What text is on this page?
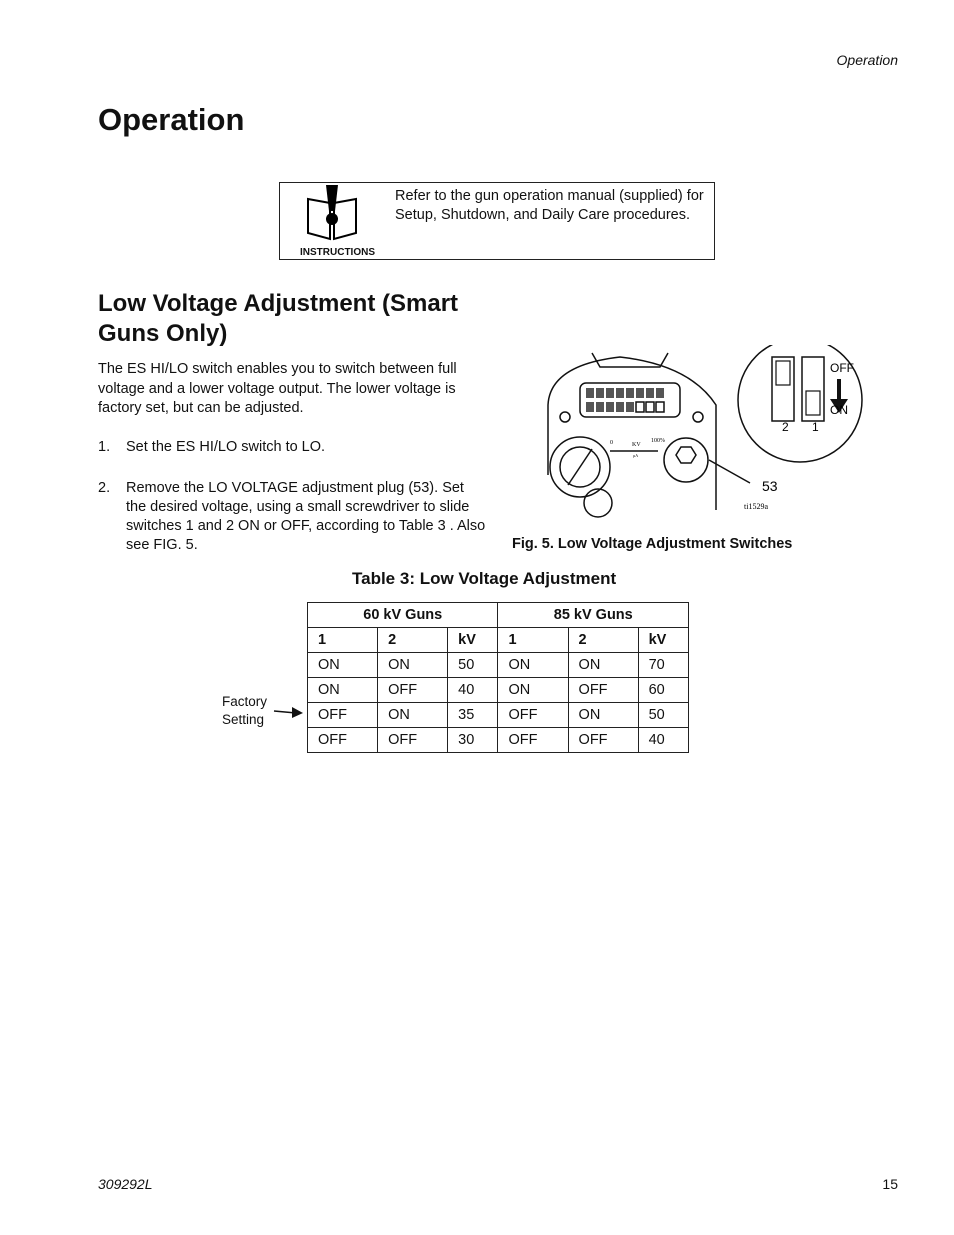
Operation
Operation
INSTRUCTIONS
Refer to the gun operation manual (supplied) for Setup, Shutdown, and Daily Care procedures.
Low Voltage Adjustment (Smart Guns Only)

The ES HI/LO switch enables you to switch between full voltage and a lower voltage output. The lower voltage is factory set, but can be adjusted.

1. Set the ES HI/LO switch to LO.
2. Remove the LO VOLTAGE adjustment plug (53). Set the desired voltage, using a small screwdriver to slide switches 1 and 2 ON or OFF, according to Table 3 . Also see FIG. 5.
0	KV
100%
µA
OFF
ON
2 1
53
ti1529a
Fig. 5. Low Voltage Adjustment Switches
Table 3: Low Voltage Adjustment
60 kV Guns			85 kV Guns		
1	2	kV	1	2	kV
ON	ON	50	ON	ON	70
ON	OFF	40	ON	OFF	60
OFF	ON	35	OFF	ON	50
OFF	OFF	30	OFF	OFF	40
Factory
Setting
309292L	15
